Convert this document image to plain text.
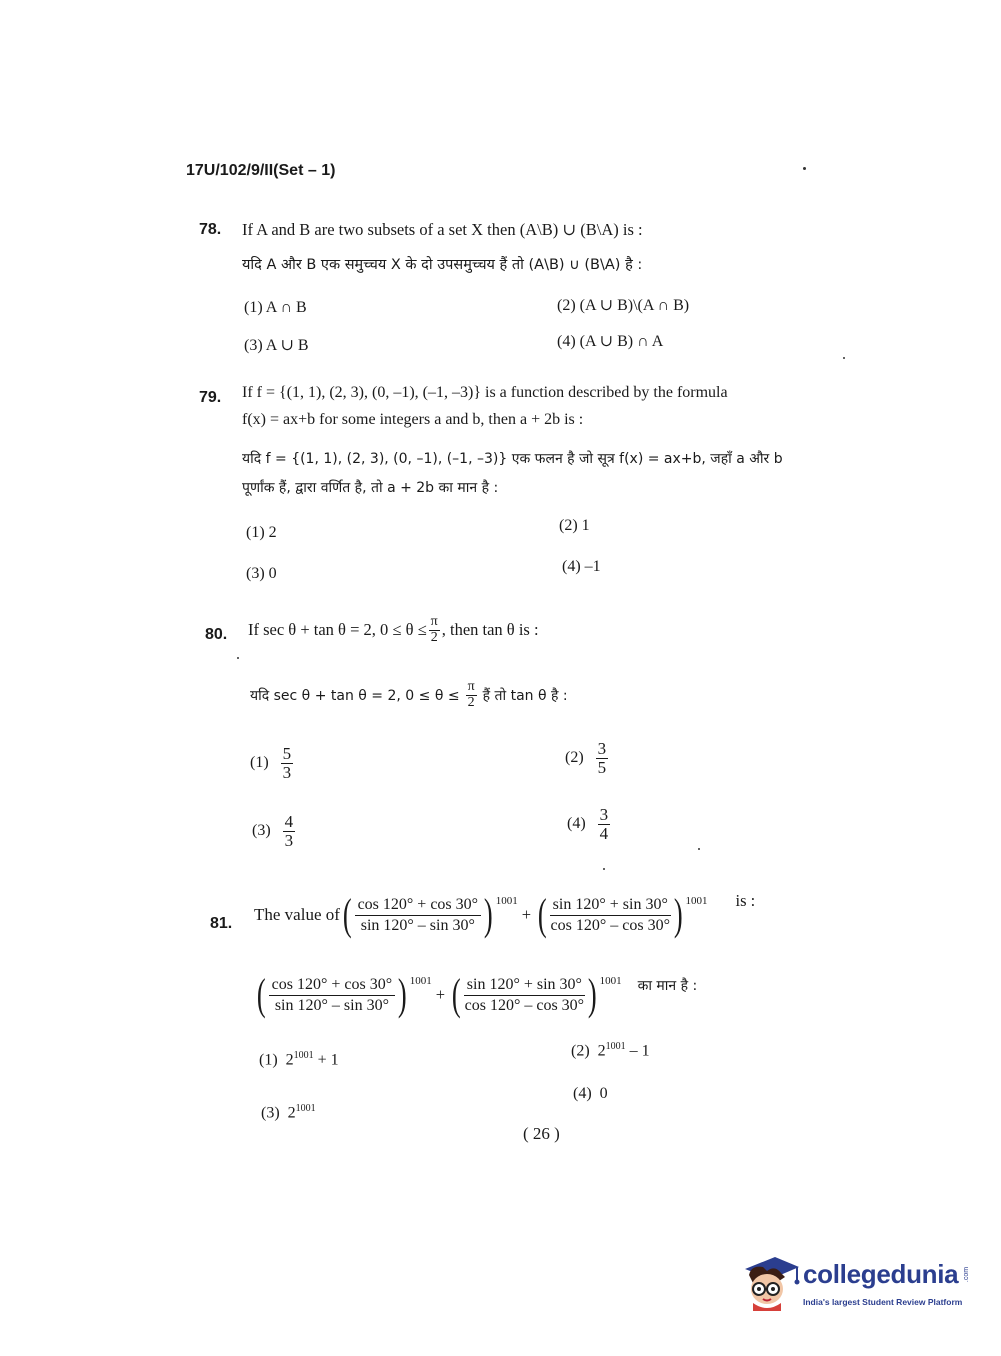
17U/102/9/II(Set – 1)
78. If A and B are two subsets of a set X then (A\B) ∪ (B\A) is :
यदि A और B एक समुच्चय X के दो उपसमुच्चय हैं तो (A\B) ∪ (B\A) है :
(1) A ∩ B	(2) (A ∪ B)\(A ∩ B)
(3) A ∪ B	(4) (A ∪ B) ∩ A
79. If f = {(1, 1), (2, 3), (0, –1), (–1, –3)} is a function described by the formula
f(x) = ax+b for some integers a and b, then a + 2b is :
यदि f = {(1, 1), (2, 3), (0, –1), (–1, –3)} एक फलन है जो सूत्र f(x) = ax+b, जहाँ a और b
पूर्णांक हैं, द्वारा वर्णित है, तो a + 2b का मान है :
(1) 2	(2) 1
(3) 0	(4) –1
80. If sec θ + tan θ = 2, $0 \le \theta \le \frac{\pi}{2}$ , then tan θ is :
यदि sec θ + tan θ = 2, $0 \le \theta \le \frac{\pi}{2}$ हैं तो tan θ है :
$(1) \frac{5}{3}$	$(2) \frac{3}{5}$
$(3) \frac{4}{3}$	$(4) \frac{3}{4}$
81. The value of ( $\frac{\cos 120^\circ + \cos 30^\circ}{\sin 120^\circ - \sin 30^\circ}$ ) 1001
+ ( $\frac{\sin 120^\circ + \sin 30^\circ}{\cos 120^\circ - \cos 30^\circ}$ ) 1001 is :
( $\frac{\cos 120^\circ + \cos 30^\circ}{\sin 120^\circ - \sin 30^\circ}$ ) 1001
+ ( $\frac{\sin 120^\circ + \sin 30^\circ}{\cos 120^\circ - \cos 30^\circ}$ ) 1001 का मान है :
(1) $2^{1001} + 1$
(2) $2^{1001} - 1$
(3) $2^{1001}$
(4) 0
( 26 )
collegedunia .com
India's largest Student Review Platform
